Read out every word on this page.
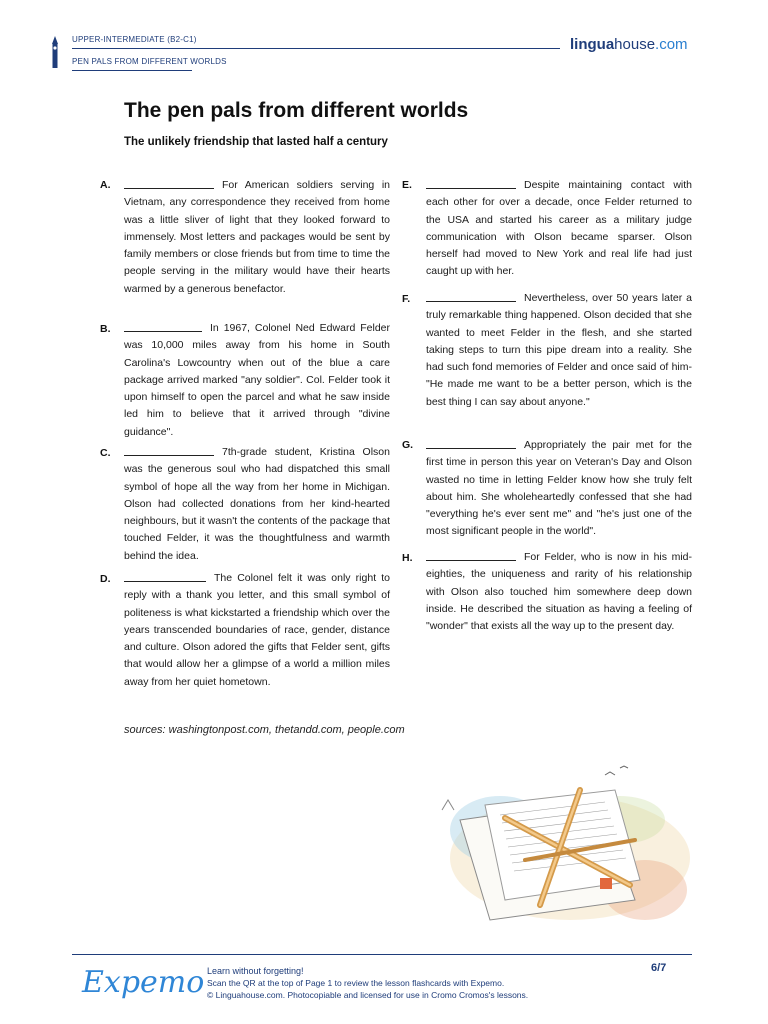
UPPER-INTERMEDIATE (B2-C1)
PEN PALS FROM DIFFERENT WORLDS
linguahouse.com
The pen pals from different worlds
The unlikely friendship that lasted half a century
A.	For American soldiers serving in Vietnam, any correspondence they received from home was a little sliver of light that they looked forward to immensely. Most letters and packages would be sent by family members or close friends but from time to time the people serving in the military would have their hearts warmed by a generous benefactor.
B.	In 1967, Colonel Ned Edward Felder was 10,000 miles away from his home in South Carolina's Lowcountry when out of the blue a care package arrived marked "any soldier". Col. Felder took it upon himself to open the parcel and what he saw inside led him to believe that it arrived through "divine guidance".
C.	7th-grade student, Kristina Olson was the generous soul who had dispatched this small symbol of hope all the way from her home in Michigan. Olson had collected donations from her kind-hearted neighbours, but it wasn't the contents of the package that touched Felder, it was the thoughtfulness and warmth behind the idea.
D.	The Colonel felt it was only right to reply with a thank you letter, and this small symbol of politeness is what kickstarted a friendship which over the years transcended boundaries of race, gender, distance and culture. Olson adored the gifts that Felder sent, gifts that would allow her a glimpse of a world a million miles away from her quiet hometown.
E.	Despite maintaining contact with each other for over a decade, once Felder returned to the USA and started his career as a military judge communication with Olson became sparser. Olson herself had moved to New York and real life had just caught up with her.
F.	Nevertheless, over 50 years later a truly remarkable thing happened. Olson decided that she wanted to meet Felder in the flesh, and she started taking steps to turn this pipe dream into a reality. She had such fond memories of Felder and once said of him- "He made me want to be a better person, which is the best thing I can say about anyone."
G.	Appropriately the pair met for the first time in person this year on Veteran's Day and Olson wasted no time in letting Felder know how she truly felt about him. She wholeheartedly confessed that she had "everything he's ever sent me" and "he's just one of the most significant people in the world".
H.	For Felder, who is now in his mid-eighties, the uniqueness and rarity of his relationship with Olson also touched him somewhere deep down inside. He described the situation as having a feeling of "wonder" that exists all the way up to the present day.
sources: washingtonpost.com, thetandd.com, people.com
Expemo Learn without forgetting!
Scan the QR at the top of Page 1 to review the lesson flashcards with Expemo.
© Linguahouse.com. Photocopiable and licensed for use in Cromo Cromos's lessons.
6/7
